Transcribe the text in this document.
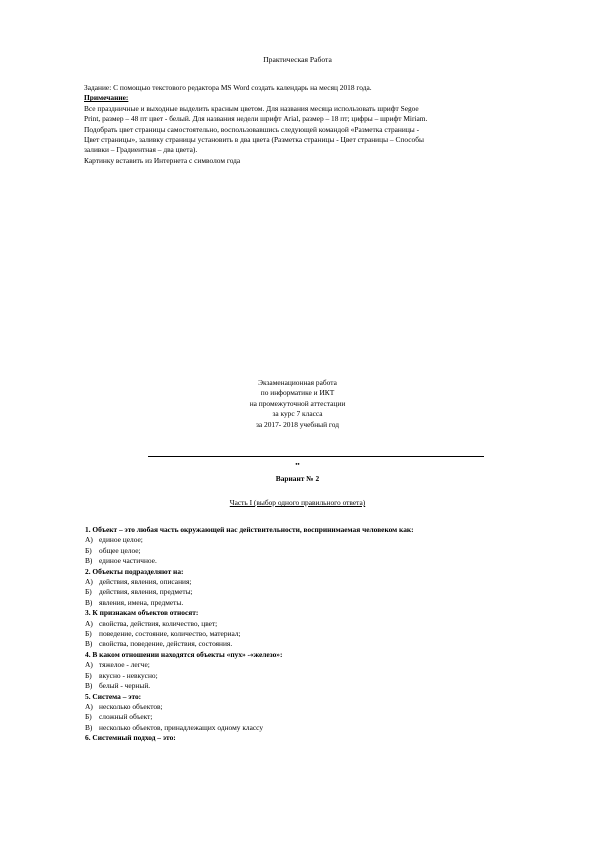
Практическая Работа
Задание: С помощью текстового редактора MS Word создать календарь на месяц 2018 года.
Примечание:
Все праздничные и выходные выделить красным цветом. Для названия месяца использовать шрифт Segoe
Print, размер – 48 пт цвет - белый. Для названия недели шрифт Arial, размер – 18 пт; цифры – шрифт Miriam.
Подобрать цвет страницы самостоятельно, воспользовавшись следующей командой «Разметка страницы -
Цвет страницы», заливку страницы установить в два цвета (Разметка страницы - Цвет страницы – Способы
заливки – Градиентная – два цвета).
Картинку вставить из Интернета с символом года
Экзаменационная работа
по информатике и ИКТ
на промежуточной аттестации
за курс 7 класса
за 2017- 2018 учебный год
••
Вариант № 2
Часть I (выбор одного правильного ответа)
1. Объект – это любая часть окружающей нас действительности, воспринимаемая человеком как:
А) единое целое;
Б) общее целое;
В) единое частичное.
2. Объекты подразделяют на:
А) действия, явления, описания;
Б) действия, явления, предметы;
В) явления, имена, предметы.
3. К признакам объектов относят:
А) свойства, действия, количество, цвет;
Б) поведение, состояние, количество, материал;
В) свойства, поведение, действия, состояния.
4. В каком отношении находятся объекты «пух» -«железо»:
А) тяжелое - легче;
Б) вкусно - невкусно;
В) белый - черный.
5. Система – это:
А) несколько объектов;
Б) сложный объект;
В) несколько объектов, принадлежащих одному классу
6. Системный подход – это:
